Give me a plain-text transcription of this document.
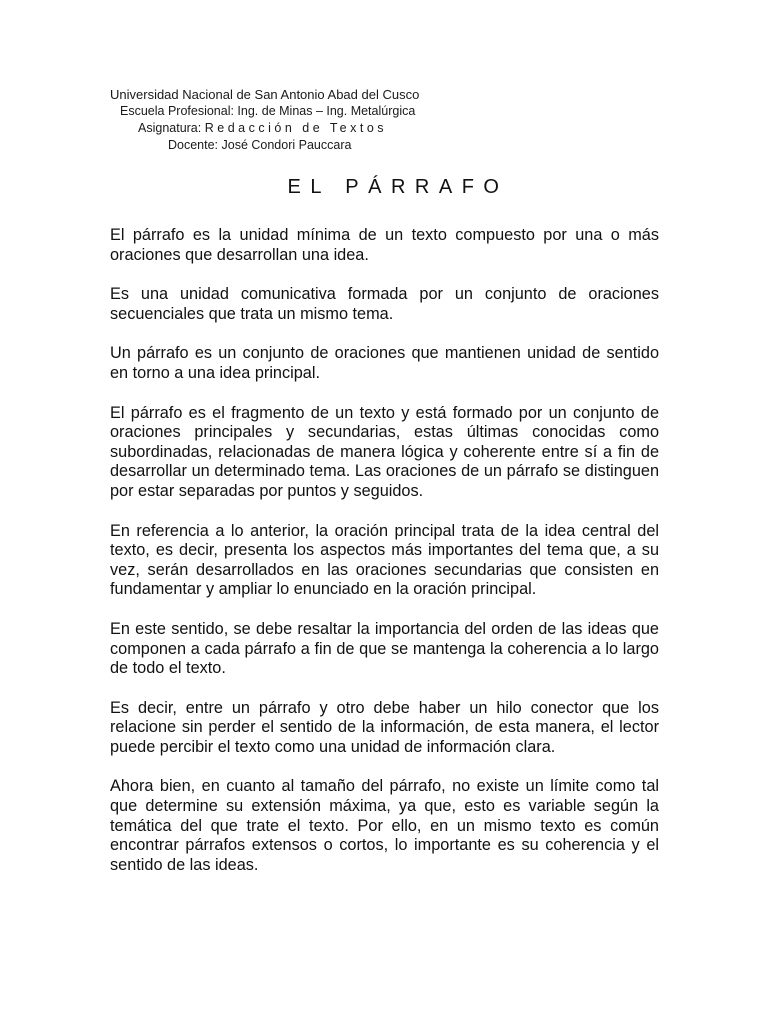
Universidad Nacional de San Antonio Abad del Cusco
Escuela Profesional: Ing. de Minas – Ing. Metalúrgica
Asignatura: Redacción de Textos
Docente: José Condori Pauccara
EL PÁRRAFO

El párrafo es la unidad mínima de un texto compuesto por una o más oraciones que desarrollan una idea.

Es una unidad comunicativa formada por un conjunto de oraciones secuenciales que trata un mismo tema.

Un párrafo es un conjunto de oraciones que mantienen unidad de sentido en torno a una idea principal.

El párrafo es el fragmento de un texto y está formado por un conjunto de oraciones principales y secundarias, estas últimas conocidas como subordinadas, relacionadas de manera lógica y coherente entre sí a fin de desarrollar un determinado tema. Las oraciones de un párrafo se distinguen por estar separadas por puntos y seguidos.

En referencia a lo anterior, la oración principal trata de la idea central del texto, es decir, presenta los aspectos más importantes del tema que, a su vez, serán desarrollados en las oraciones secundarias que consisten en fundamentar y ampliar lo enunciado en la oración principal.

En este sentido, se debe resaltar la importancia del orden de las ideas que componen a cada párrafo a fin de que se mantenga la coherencia a lo largo de todo el texto.

Es decir, entre un párrafo y otro debe haber un hilo conector que los relacione sin perder el sentido de la información, de esta manera, el lector puede percibir el texto como una unidad de información clara.

Ahora bien, en cuanto al tamaño del párrafo, no existe un límite como tal que determine su extensión máxima, ya que, esto es variable según la temática del que trate el texto. Por ello, en un mismo texto es común encontrar párrafos extensos o cortos, lo importante es su coherencia y el sentido de las ideas.
